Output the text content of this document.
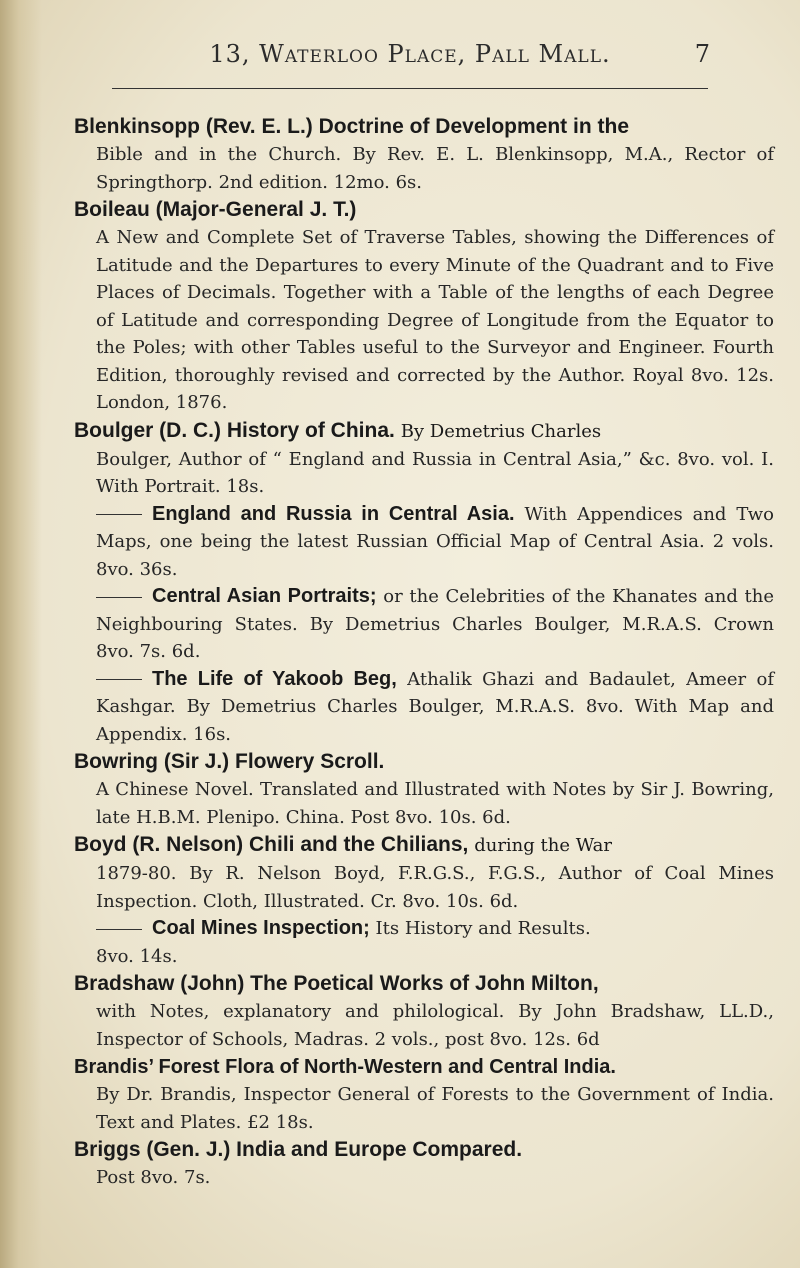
13, Waterloo Place, Pall Mall.	7
Blenkinsopp (Rev. E. L.) Doctrine of Development in the
Bible and in the Church. By Rev. E. L. Blenkinsopp, M.A., Rector of Springthorp. 2nd edition. 12mo. 6s.
Boileau (Major-General J. T.)
A New and Complete Set of Traverse Tables, showing the Differences of Latitude and the Departures to every Minute of the Quadrant and to Five Places of Decimals. Together with a Table of the lengths of each Degree of Latitude and corresponding Degree of Longitude from the Equator to the Poles; with other Tables useful to the Surveyor and Engineer. Fourth Edition, thoroughly revised and corrected by the Author. Royal 8vo. 12s. London, 1876.
Boulger (D. C.) History of China. By Demetrius Charles
Boulger, Author of “ England and Russia in Central Asia,” &c. 8vo. vol. I. With Portrait. 18s.
England and Russia in Central Asia. With Appendices and Two Maps, one being the latest Russian Official Map of Central Asia. 2 vols. 8vo. 36s.
Central Asian Portraits; or the Celebrities of the Khanates and the Neighbouring States. By Demetrius Charles Boulger, M.R.A.S. Crown 8vo. 7s. 6d.
The Life of Yakoob Beg, Athalik Ghazi and Badaulet, Ameer of Kashgar. By Demetrius Charles Boulger, M.R.A.S. 8vo. With Map and Appendix. 16s.
Bowring (Sir J.) Flowery Scroll.
A Chinese Novel. Translated and Illustrated with Notes by Sir J. Bowring, late H.B.M. Plenipo. China. Post 8vo. 10s. 6d.
Boyd (R. Nelson) Chili and the Chilians, during the War
1879-80. By R. Nelson Boyd, F.R.G.S., F.G.S., Author of Coal Mines Inspection. Cloth, Illustrated. Cr. 8vo. 10s. 6d.
Coal Mines Inspection; Its History and Results.
8vo. 14s.
Bradshaw (John) The Poetical Works of John Milton,
with Notes, explanatory and philological. By John Bradshaw, LL.D., Inspector of Schools, Madras. 2 vols., post 8vo. 12s. 6d
Brandis’ Forest Flora of North-Western and Central India.
By Dr. Brandis, Inspector General of Forests to the Government of India. Text and Plates. £2 18s.
Briggs (Gen. J.) India and Europe Compared.
Post 8vo. 7s.
